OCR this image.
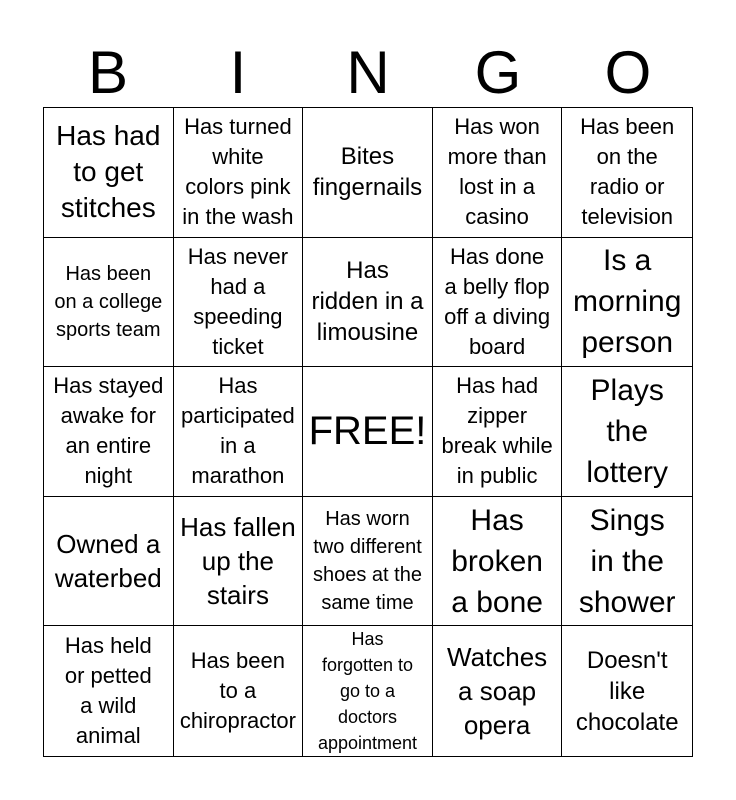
B	I	N	G	O
Has had
to get
stitches
Has turned
white
colors pink
in the wash
Bites
fingernails
Has won
more than
lost in a
casino
Has been
on the
radio or
television
Has been
on a college
sports team
Has never
had a
speeding
ticket
Has
ridden in a
limousine
Has done
a belly flop
off a diving
board
Is a
morning
person
Has stayed
awake for
an entire
night
Has
participated
in a
marathon
FREE!
Has had
zipper
break while
in public
Plays
the
lottery
Owned a
waterbed
Has fallen
up the
stairs
Has worn
two different
shoes at the
same time
Has
broken
a bone
Sings
in the
shower
Has held
or petted
a wild
animal
Has been
to a
chiropractor
Has
forgotten to
go to a
doctors
appointment
Watches
a soap
opera
Doesn't
like
chocolate
